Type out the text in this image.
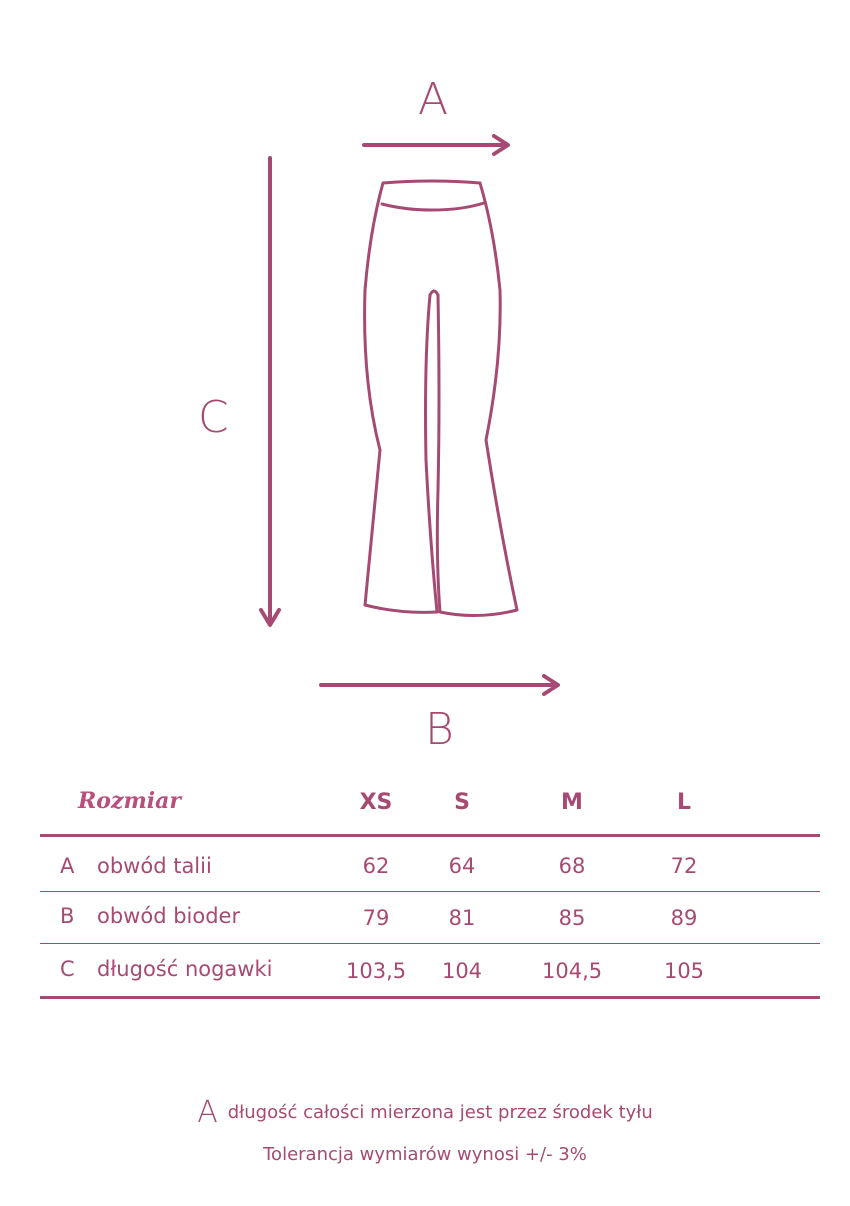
A
B
C
Rozmiar	XS	S	M	L
A obwód talii	62	64	68	72
B obwód bioder	79	81	85	89
C długość nogawki	103,5	104	104,5	105
Adługość całości mierzona jest przez środek tyłu
Tolerancja wymiarów wynosi +/- 3%
